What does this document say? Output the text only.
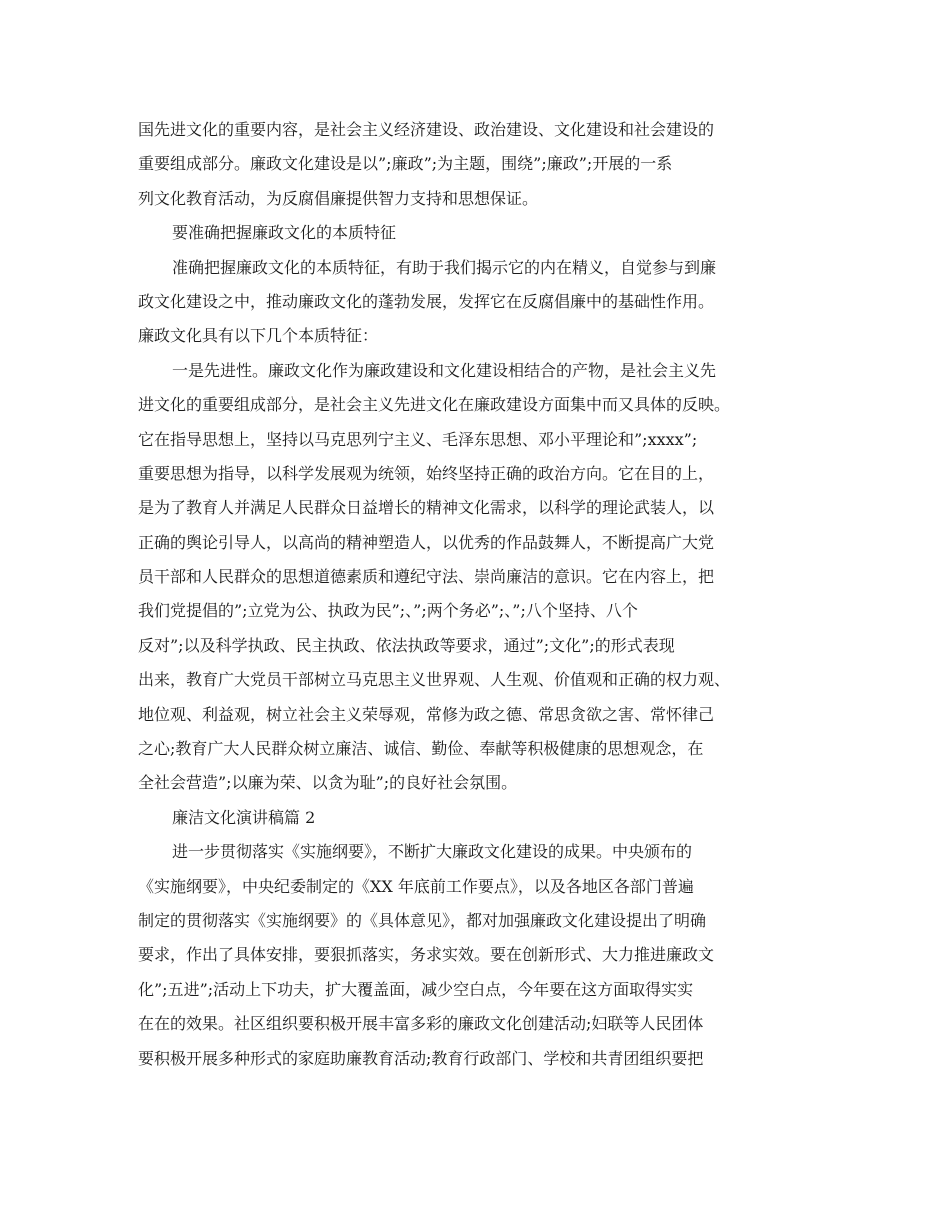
国先进文化的重要内容，是社会主义经济建设、政治建设、文化建设和社会建设的
重要组成部分。廉政文化建设是以”;廉政”;为主题，围绕”;廉政”;开展的一系
列文化教育活动，为反腐倡廉提供智力支持和思想保证。
要准确把握廉政文化的本质特征
准确把握廉政文化的本质特征，有助于我们揭示它的内在精义，自觉参与到廉
政文化建设之中，推动廉政文化的蓬勃发展，发挥它在反腐倡廉中的基础性作用。
廉政文化具有以下几个本质特征：
一是先进性。廉政文化作为廉政建设和文化建设相结合的产物，是社会主义先
进文化的重要组成部分，是社会主义先进文化在廉政建设方面集中而又具体的反映。
它在指导思想上，坚持以马克思列宁主义、毛泽东思想、邓小平理论和”;xxxx”;
重要思想为指导，以科学发展观为统领，始终坚持正确的政治方向。它在目的上，
是为了教育人并满足人民群众日益增长的精神文化需求，以科学的理论武装人，以
正确的舆论引导人，以高尚的精神塑造人，以优秀的作品鼓舞人，不断提高广大党
员干部和人民群众的思想道德素质和遵纪守法、崇尚廉洁的意识。它在内容上，把
我们党提倡的”;立党为公、执政为民”;、”;两个务必”;、”;八个坚持、八个
反对”;以及科学执政、民主执政、依法执政等要求，通过”;文化”;的形式表现
出来，教育广大党员干部树立马克思主义世界观、人生观、价值观和正确的权力观、
地位观、利益观，树立社会主义荣辱观，常修为政之德、常思贪欲之害、常怀律己
之心;教育广大人民群众树立廉洁、诚信、勤俭、奉献等积极健康的思想观念，在
全社会营造”;以廉为荣、以贪为耻”;的良好社会氛围。
廉洁文化演讲稿篇 2
进一步贯彻落实《实施纲要》，不断扩大廉政文化建设的成果。中央颁布的
《实施纲要》，中央纪委制定的《XX 年底前工作要点》，以及各地区各部门普遍
制定的贯彻落实《实施纲要》的《具体意见》，都对加强廉政文化建设提出了明确
要求，作出了具体安排，要狠抓落实，务求实效。要在创新形式、大力推进廉政文
化”;五进”;活动上下功夫，扩大覆盖面，减少空白点，今年要在这方面取得实实
在在的效果。社区组织要积极开展丰富多彩的廉政文化创建活动;妇联等人民团体
要积极开展多种形式的家庭助廉教育活动;教育行政部门、学校和共青团组织要把
